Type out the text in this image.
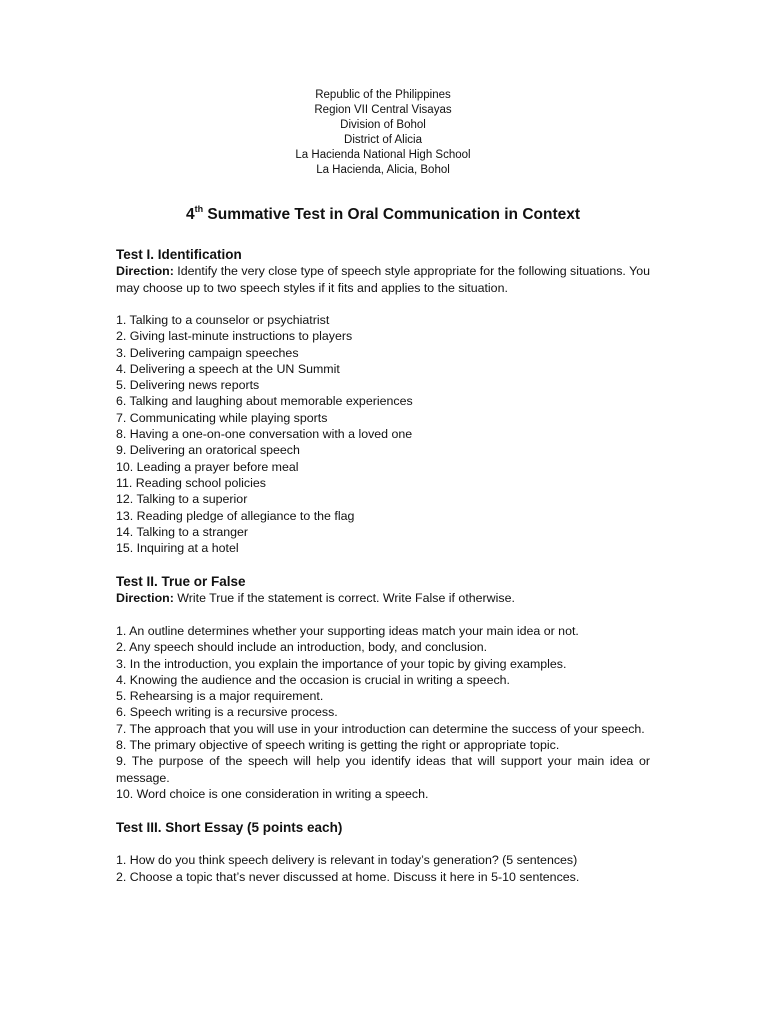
Republic of the Philippines
Region VII Central Visayas
Division of Bohol
District of Alicia
La Hacienda National High School
La Hacienda, Alicia, Bohol
4th Summative Test in Oral Communication in Context
Test I. Identification
Direction: Identify the very close type of speech style appropriate for the following situations. You may choose up to two speech styles if it fits and applies to the situation.
1. Talking to a counselor or psychiatrist
2. Giving last-minute instructions to players
3. Delivering campaign speeches
4. Delivering a speech at the UN Summit
5. Delivering news reports
6. Talking and laughing about memorable experiences
7. Communicating while playing sports
8. Having a one-on-one conversation with a loved one
9. Delivering an oratorical speech
10. Leading a prayer before meal
11. Reading school policies
12. Talking to a superior
13. Reading pledge of allegiance to the flag
14. Talking to a stranger
15. Inquiring at a hotel
Test II. True or False
Direction: Write True if the statement is correct. Write False if otherwise.
1. An outline determines whether your supporting ideas match your main idea or not.
2. Any speech should include an introduction, body, and conclusion.
3. In the introduction, you explain the importance of your topic by giving examples.
4. Knowing the audience and the occasion is crucial in writing a speech.
5. Rehearsing is a major requirement.
6. Speech writing is a recursive process.
7. The approach that you will use in your introduction can determine the success of your speech.
8. The primary objective of speech writing is getting the right or appropriate topic.
9. The purpose of the speech will help you identify ideas that will support your main idea or message.
10. Word choice is one consideration in writing a speech.
Test III. Short Essay (5 points each)
1. How do you think speech delivery is relevant in today’s generation? (5 sentences)
2. Choose a topic that’s never discussed at home. Discuss it here in 5-10 sentences.
